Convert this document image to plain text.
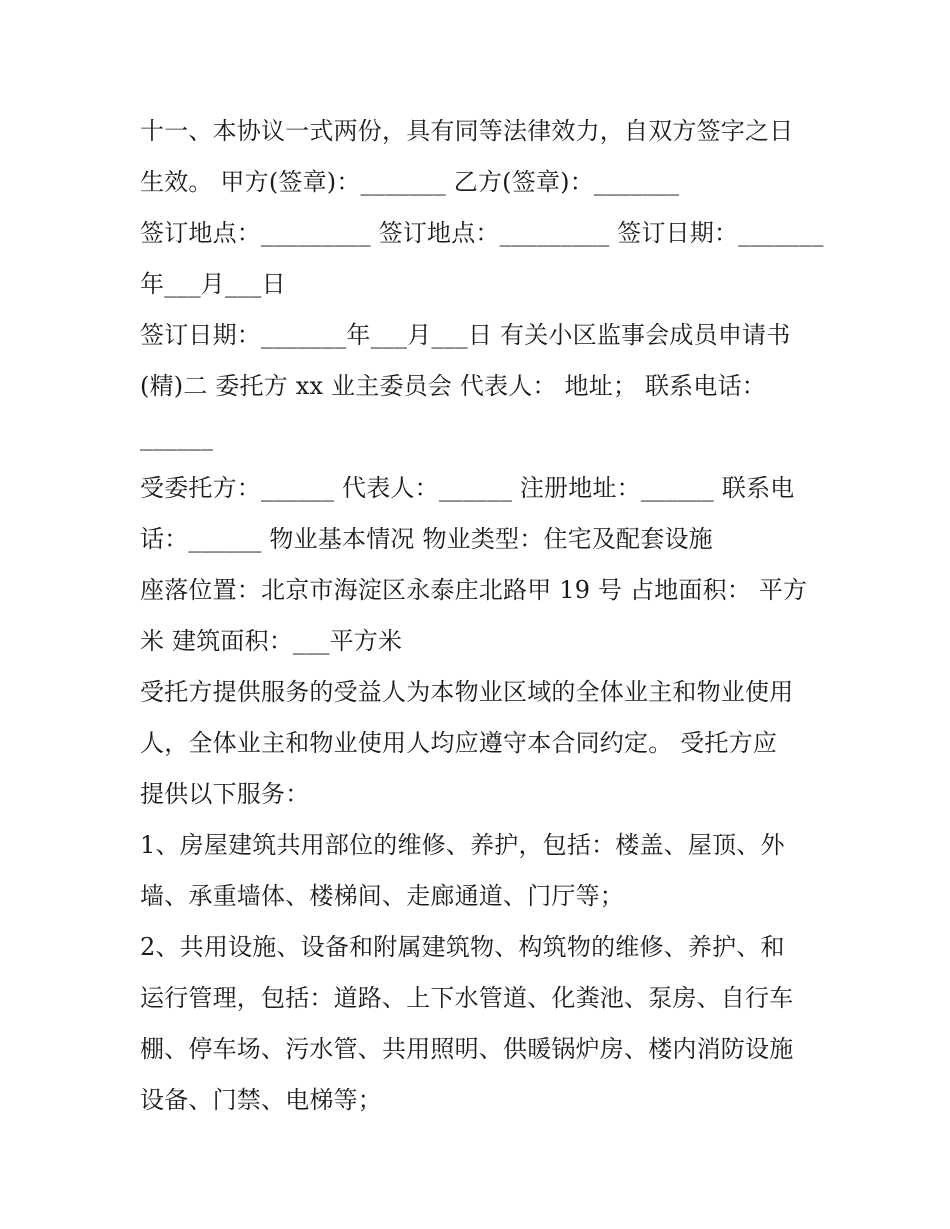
十一、本协议一式两份，具有同等法律效力，自双方签字之日
生效。 甲方(签章)：_______ 乙方(签章)：_______
签订地点：_________ 签订地点：_________ 签订日期：_______
年___月___日
签订日期：_______年___月___日 有关小区监事会成员申请书
(精)二 委托方 xx 业主委员会 代表人： 地址； 联系电话：
______
受委托方：______ 代表人：______ 注册地址：______ 联系电
话：______ 物业基本情况 物业类型：住宅及配套设施
座落位置：北京市海淀区永泰庄北路甲 19 号 占地面积： 平方
米 建筑面积：___平方米
受托方提供服务的受益人为本物业区域的全体业主和物业使用
人，全体业主和物业使用人均应遵守本合同约定。 受托方应
提供以下服务：
1、房屋建筑共用部位的维修、养护，包括：楼盖、屋顶、外
墙、承重墙体、楼梯间、走廊通道、门厅等；
2、共用设施、设备和附属建筑物、构筑物的维修、养护、和
运行管理，包括：道路、上下水管道、化粪池、泵房、自行车
棚、停车场、污水管、共用照明、供暖锅炉房、楼内消防设施
设备、门禁、电梯等；
